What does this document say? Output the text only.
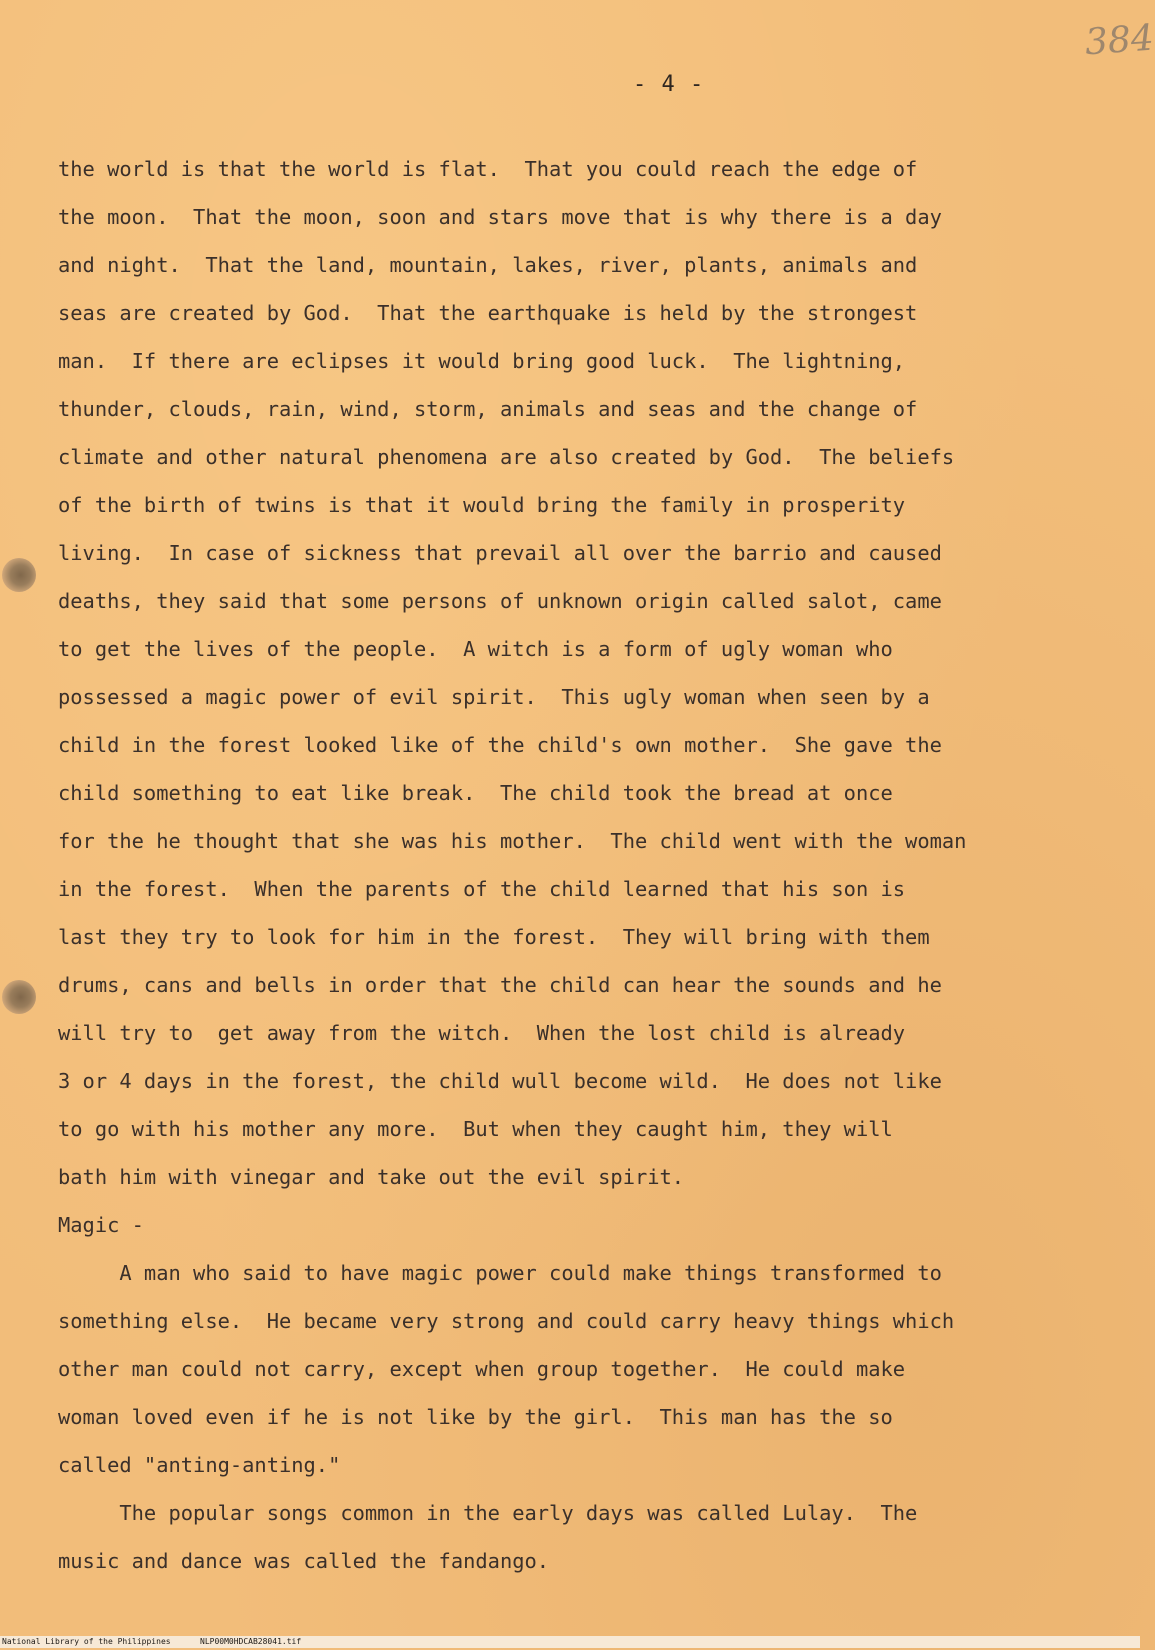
384
- 4 -
the world is that the world is flat.  That you could reach the edge of
the moon.  That the moon, soon and stars move that is why there is a day
and night.  That the land, mountain, lakes, river, plants, animals and
seas are created by God.  That the earthquake is held by the strongest
man.  If there are eclipses it would bring good luck.  The lightning,
thunder, clouds, rain, wind, storm, animals and seas and the change of
climate and other natural phenomena are also created by God.  The beliefs
of the birth of twins is that it would bring the family in prosperity
living.  In case of sickness that prevail all over the barrio and caused
deaths, they said that some persons of unknown origin called salot, came
to get the lives of the people.  A witch is a form of ugly woman who
possessed a magic power of evil spirit.  This ugly woman when seen by a
child in the forest looked like of the child's own mother.  She gave the
child something to eat like break.  The child took the bread at once
for the he thought that she was his mother.  The child went with the woman
in the forest.  When the parents of the child learned that his son is
last they try to look for him in the forest.  They will bring with them
drums, cans and bells in order that the child can hear the sounds and he
will try to  get away from the witch.  When the lost child is already
3 or 4 days in the forest, the child wull become wild.  He does not like
to go with his mother any more.  But when they caught him, they will
bath him with vinegar and take out the evil spirit.
Magic -
A man who said to have magic power could make things transformed to
something else.  He became very strong and could carry heavy things which
other man could not carry, except when group together.  He could make
woman loved even if he is not like by the girl.  This man has the so
called "anting-anting."
The popular songs common in the early days was called Lulay.  The
music and dance was called the fandango.
National Library of the Philippines	NLP00M0HDCAB28041.tif
